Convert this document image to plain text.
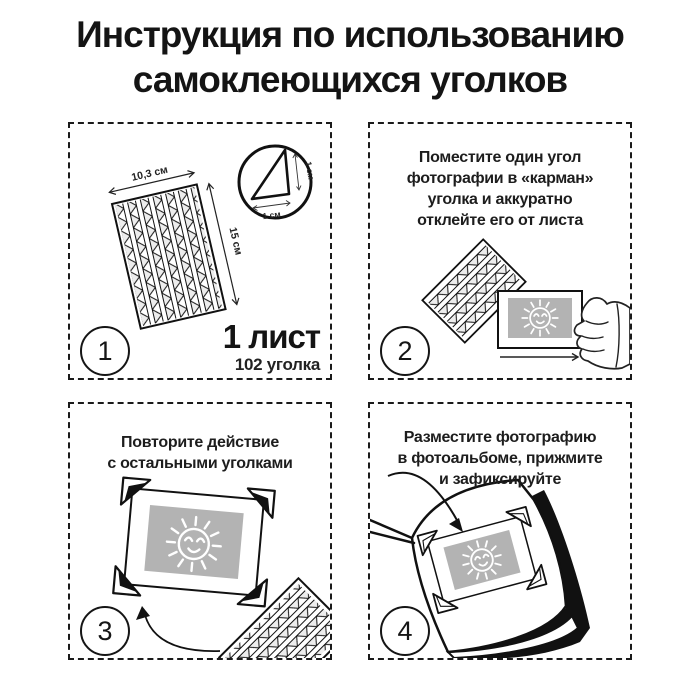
Инструкция по использованию
самоклеющихся уголков
10,3 см
15 см
1 см
1 см
1 лист
102 уголка
1
Поместите один угол
фотографии в «карман»
уголка и аккуратно
отклейте его от листа
2
Повторите действие
с остальными уголками
3
Разместите фотографию
в фотоальбоме, прижмите
и зафиксируйте
4
